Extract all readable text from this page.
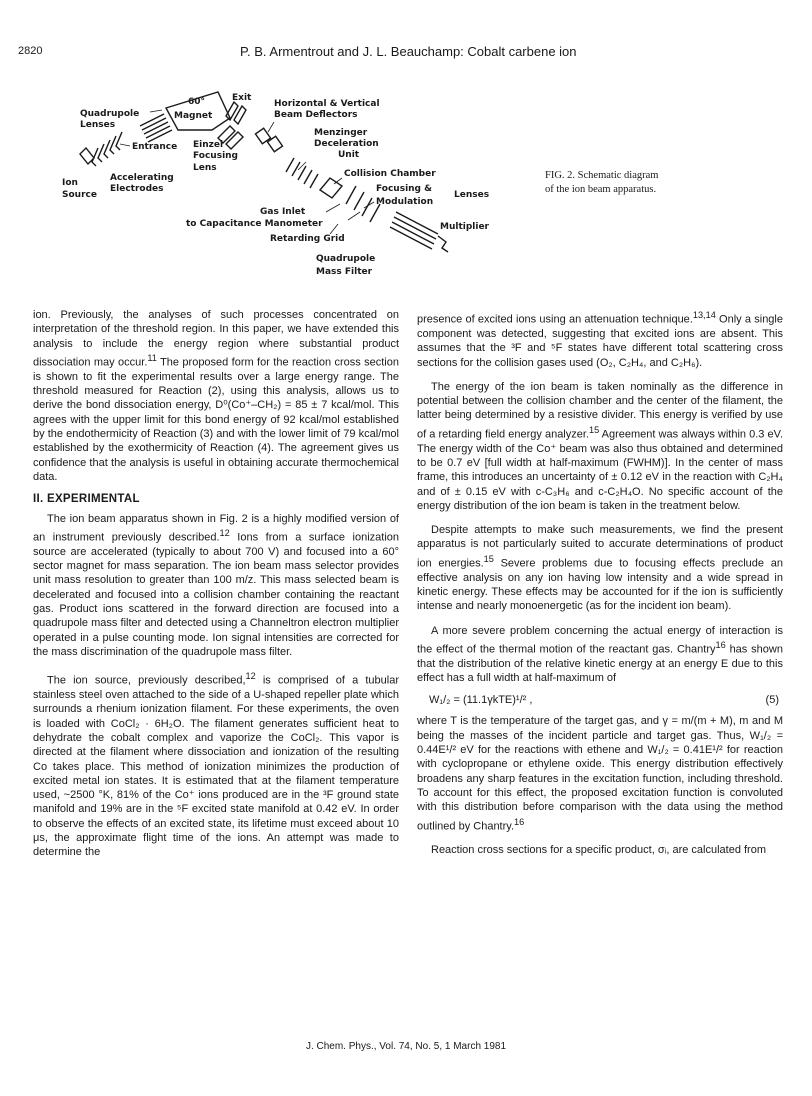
2820	P. B. Armentrout and J. L. Beauchamp: Cobalt carbene ion
60°
Magnet
Exit
Quadrupole
Lenses
Entrance Einzel
Focusing
Lens
Horizontal & Vertical
Beam Deflectors
Menzinger
Deceleration
Unit
Collision Chamber
Ion
Source
Accelerating
Electrodes	Focusing &
Lenses
Modulation
Gas Inlet
to Capacitance Manometer	Multiplier
Retarding Grid
Quadrupole
Mass Filter
FIG. 2. Schematic diagram
of the ion beam apparatus.

ion. Previously, the analyses of such processes concentrated on interpretation of the threshold region. In this paper, we have extended this analysis to include the energy region where substantial product dissociation may occur.$^{11}$ The proposed form for the reaction cross section is shown to fit the experimental results over a large energy range. The threshold measured for Reaction (2), using this analysis, allows us to derive the bond dissociation energy, D⁰(Co⁺–CH₂) = 85 ± 7 kcal/mol. This agrees with the upper limit for this bond energy of 92 kcal/mol established by the endothermicity of Reaction (3) and with the lower limit of 79 kcal/mol established by the exothermicity of Reaction (4). The agreement gives us confidence that the analysis is useful in obtaining accurate thermochemical data.

II. EXPERIMENTAL

The ion beam apparatus shown in Fig. 2 is a highly modified version of an instrument previously described.$^{12}$ Ions from a surface ionization source are accelerated (typically to about 700 V) and focused into a 60° sector magnet for mass separation. The ion beam mass selector provides unit mass resolution to greater than 100 m/z. This mass selected beam is decelerated and focused into a collision chamber containing the reactant gas. Product ions scattered in the forward direction are focused into a quadrupole mass filter and detected using a Channeltron electron multiplier operated in a pulse counting mode. Ion signal intensities are corrected for the mass discrimination of the quadrupole mass filter.

The ion source, previously described,$^{12}$ is comprised of a tubular stainless steel oven attached to the side of a U-shaped repeller plate which surrounds a rhenium ionization filament. For these experiments, the oven is loaded with CoCl₂ · 6H₂O. The filament generates sufficient heat to dehydrate the cobalt complex and vaporize the CoCl₂. This vapor is directed at the filament where dissociation and ionization of the resulting Co takes place. This method of ionization minimizes the production of excited metal ion states. It is estimated that at the filament temperature used, ~2500 °K, 81% of the Co⁺ ions produced are in the ³F ground state manifold and 19% are in the ⁵F excited state manifold at 0.42 eV. In order to observe the effects of an excited state, its lifetime must exceed about 10 μs, the approximate flight time of the ions. An attempt was made to determine the

presence of excited ions using an attenuation technique.$^{13,14}$ Only a single component was detected, suggesting that excited ions are absent. This assumes that the ³F and ⁵F states have different total scattering cross sections for the collision gases used (O₂, C₂H₄, and C₂H₆).

The energy of the ion beam is taken nominally as the difference in potential between the collision chamber and the center of the filament, the latter being determined by a resistive divider. This energy is verified by use of a retarding field energy analyzer.$^{15}$ Agreement was always within 0.3 eV. The energy width of the Co⁺ beam was also thus obtained and determined to be 0.7 eV [full width at half-maximum (FWHM)]. In the center of mass frame, this introduces an uncertainty of ± 0.12 eV in the reaction with C₂H₄ and of ± 0.15 eV with c-C₃H₆ and c-C₂H₄O. No specific account of the energy distribution of the ion beam is taken in the treatment below.

Despite attempts to make such measurements, we find the present apparatus is not particularly suited to accurate determinations of product ion energies.$^{15}$ Severe problems due to focusing effects preclude an effective analysis on any ion having low intensity and a wide spread in kinetic energy. These effects may be accounted for if the ion is sufficiently intense and nearly monoenergetic (as for the incident ion beam).

A more severe problem concerning the actual energy of interaction is the effect of the thermal motion of the reactant gas. Chantry$^{16}$ has shown that the distribution of the relative kinetic energy at an energy E due to this effect has a full width at half-maximum of

W₁/₂ = (11.1γkTE)¹/² ,	(5)

where T is the temperature of the target gas, and γ = m/(m + M), m and M being the masses of the incident particle and target gas. Thus, W₁/₂ = 0.44E¹/² eV for the reactions with ethene and W₁/₂ = 0.41E¹/² for reaction with cyclopropane or ethylene oxide. This energy distribution effectively broadens any sharp features in the excitation function, including threshold. To account for this effect, the proposed excitation function is convoluted with this distribution before comparison with the data using the method outlined by Chantry.$^{16}$

Reaction cross sections for a specific product, σᵢ, are calculated from

J. Chem. Phys., Vol. 74, No. 5, 1 March 1981
